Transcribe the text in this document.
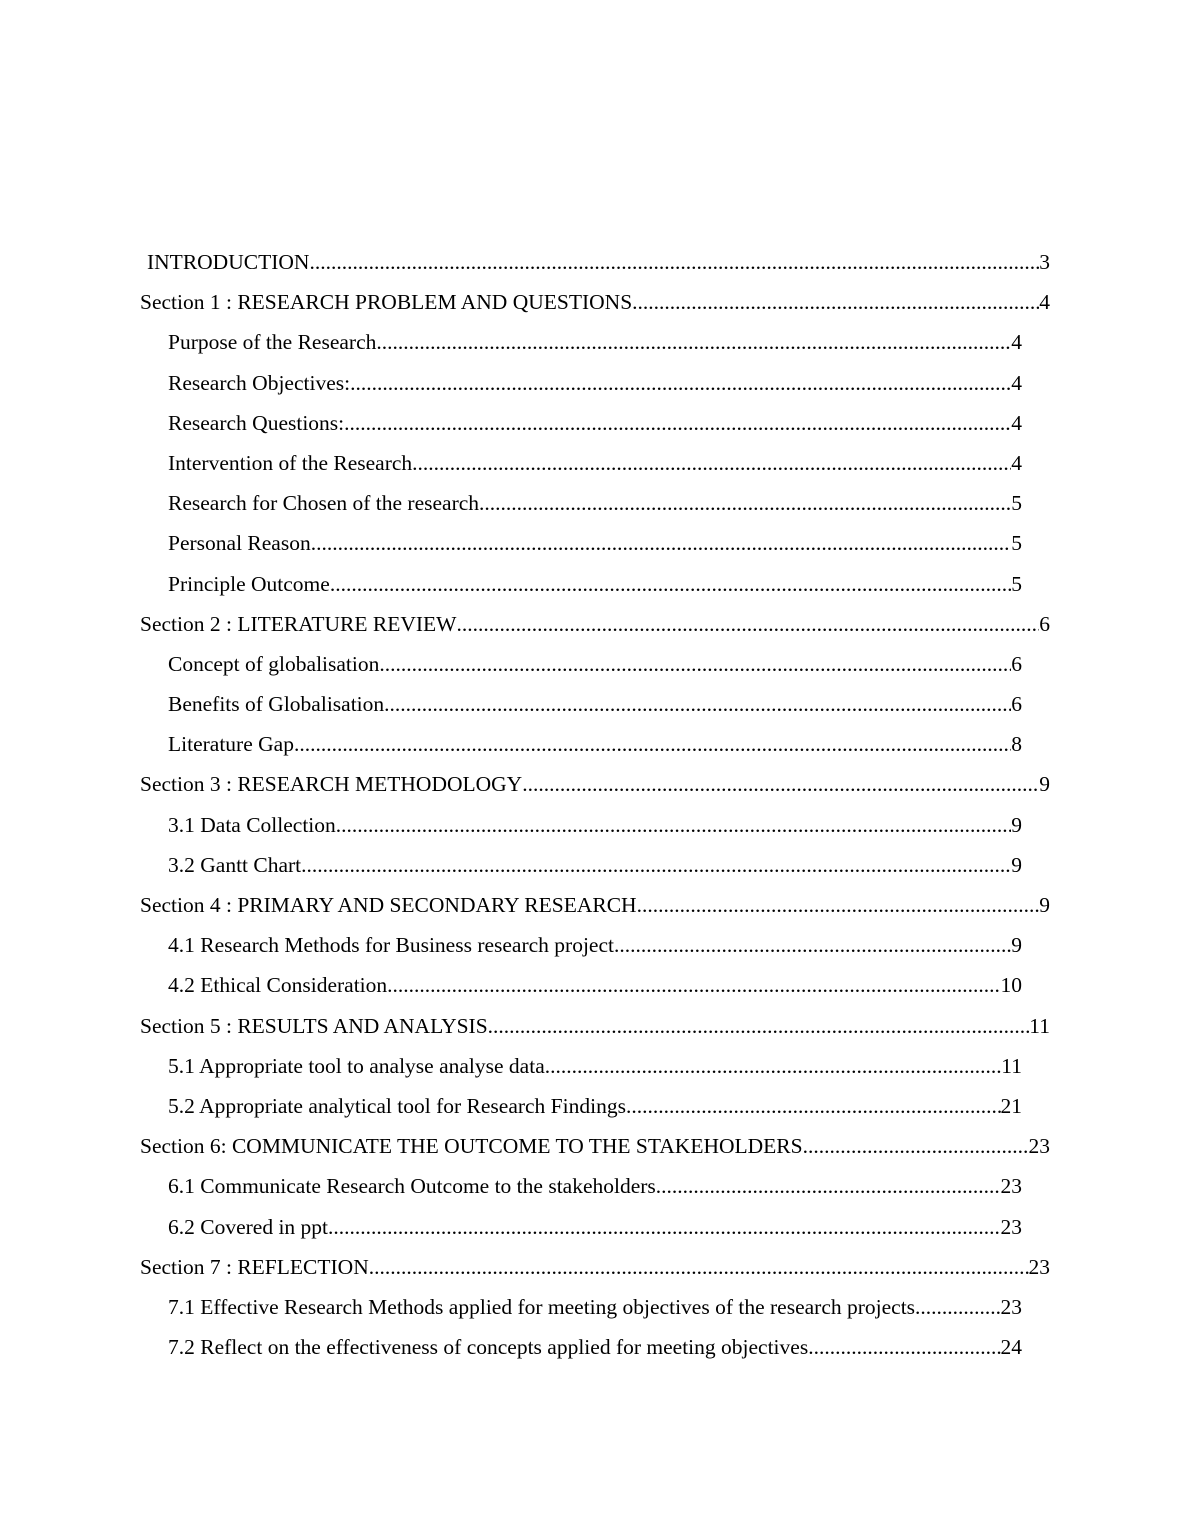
INTRODUCTION .....	3
Section 1 : RESEARCH PROBLEM AND QUESTIONS .....	4
Purpose of the Research .....	4
Research Objectives: .....	4
Research Questions: .....	4
Intervention of the Research .....	4
Research for Chosen of the research .....	5
Personal Reason .....	5
Principle Outcome .....	5
Section 2 : LITERATURE REVIEW .....	6
Concept of globalisation .....	6
Benefits of Globalisation .....	6
Literature Gap .....	8
Section 3 : RESEARCH METHODOLOGY .....	9
3.1 Data Collection .....	9
3.2 Gantt Chart .....	9
Section 4 : PRIMARY AND SECONDARY RESEARCH .....	9
4.1 Research Methods for Business research project .....	9
4.2 Ethical Consideration .....	10
Section 5 : RESULTS AND ANALYSIS .....	11
5.1 Appropriate tool to analyse analyse data .....	11
5.2 Appropriate analytical tool for Research Findings .....	21
Section 6: COMMUNICATE THE OUTCOME TO THE STAKEHOLDERS .....	23
6.1 Communicate Research Outcome to the stakeholders .....	23
6.2 Covered in ppt .....	23
Section 7 : REFLECTION .....	23
7.1 Effective Research Methods applied for meeting objectives of the research projects .....	23
7.2 Reflect on the effectiveness of concepts applied for meeting objectives .....	24
